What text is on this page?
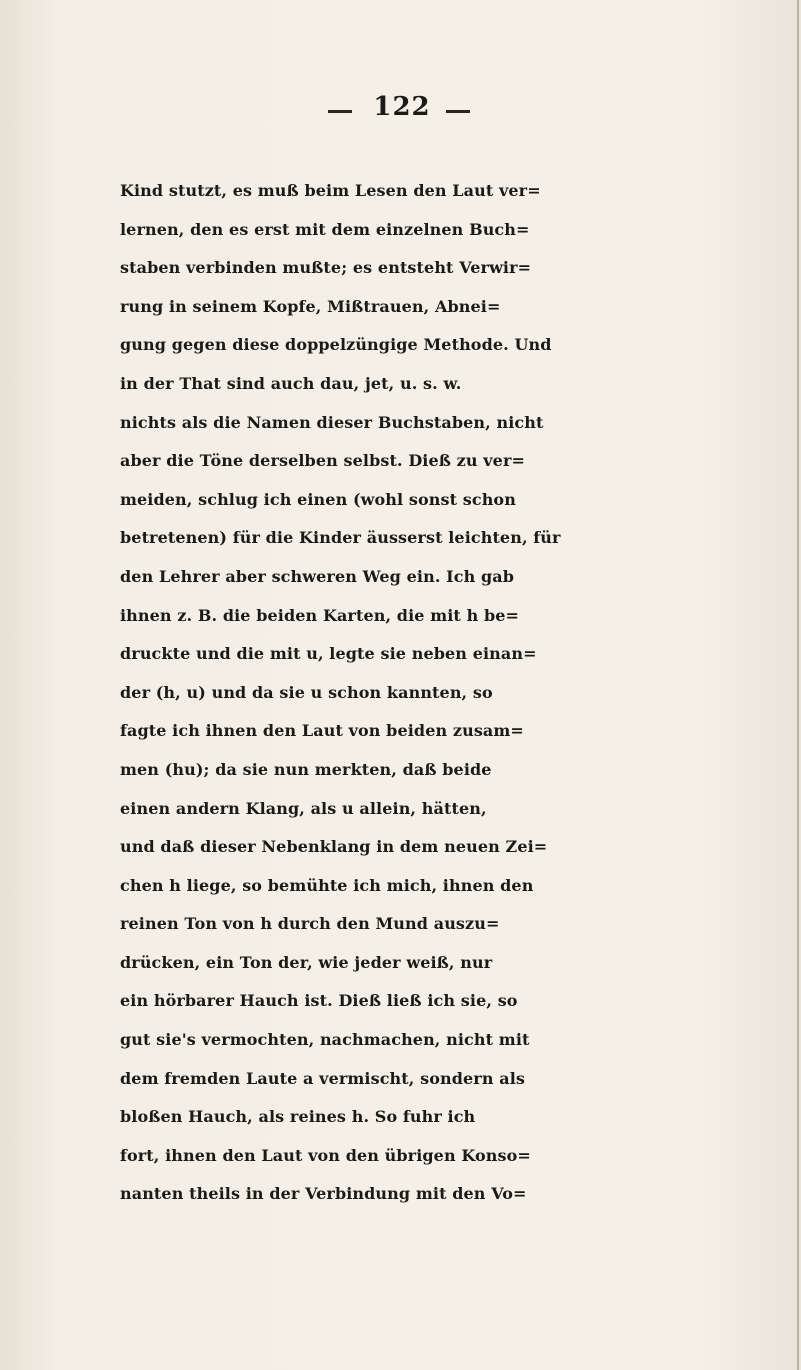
122
Kind stutzt, es muß beim Lesen den Laut ver=
lernen, den es erst mit dem einzelnen Buch=
staben verbinden mußte; es entsteht Verwir=
rung in seinem Kopfe, Mißtrauen, Abnei=
gung gegen diese doppelzüngige Methode. Und
in der That sind auch dau, jet, u. s. w.
nichts als die Namen dieser Buchstaben, nicht
aber die Töne derselben selbst. Dieß zu ver=
meiden, schlug ich einen (wohl sonst schon
betretenen) für die Kinder äusserst leichten, für
den Lehrer aber schweren Weg ein. Ich gab
ihnen z. B. die beiden Karten, die mit h be=
druckte und die mit u, legte sie neben einan=
der (h, u) und da sie u schon kannten, so
fagte ich ihnen den Laut von beiden zusam=
men (hu); da sie nun merkten, daß beide
einen andern Klang, als u allein, hätten,
und daß dieser Nebenklang in dem neuen Zei=
chen h liege, so bemühte ich mich, ihnen den
reinen Ton von h durch den Mund auszu=
drücken, ein Ton der, wie jeder weiß, nur
ein hörbarer Hauch ist. Dieß ließ ich sie, so
gut sie's vermochten, nachmachen, nicht mit
dem fremden Laute a vermischt, sondern als
bloßen Hauch, als reines h. So fuhr ich
fort, ihnen den Laut von den übrigen Konso=
nanten theils in der Verbindung mit den Vo=
